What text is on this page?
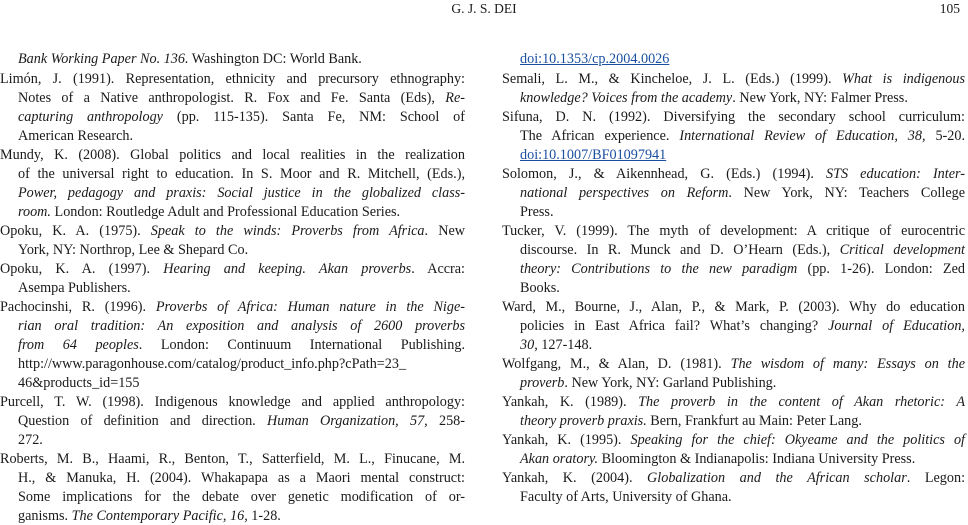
G. J. S. DEI	105
Bank Working Paper No. 136. Washington DC: World Bank.
Limón, J. (1991). Representation, ethnicity and precursory ethnography:
Notes of a Native anthropologist. R. Fox and Fe. Santa (Eds), Re-
capturing anthropology (pp. 115-135). Santa Fe, NM: School of
American Research.
Mundy, K. (2008). Global politics and local realities in the realization
of the universal right to education. In S. Moor and R. Mitchell, (Eds.),
Power, pedagogy and praxis: Social justice in the globalized class-
room. London: Routledge Adult and Professional Education Series.
Opoku, K. A. (1975). Speak to the winds: Proverbs from Africa. New
York, NY: Northrop, Lee & Shepard Co.
Opoku, K. A. (1997). Hearing and keeping. Akan proverbs. Accra:
Asempa Publishers.
Pachocinshi, R. (1996). Proverbs of Africa: Human nature in the Nige-
rian oral tradition: An exposition and analysis of 2600 proverbs
from 64 peoples. London: Continuum International Publishing.
http://www.paragonhouse.com/catalog/product_info.php?cPath=23_
46&products_id=155
Purcell, T. W. (1998). Indigenous knowledge and applied anthropology:
Question of definition and direction. Human Organization, 57, 258-
272.
Roberts, M. B., Haami, R., Benton, T., Satterfield, M. L., Finucane, M.
H., & Manuka, H. (2004). Whakapapa as a Maori mental construct:
Some implications for the debate over genetic modification of or-
ganisms. The Contemporary Pacific, 16, 1-28.
doi:10.1353/cp.2004.0026
Semali, L. M., & Kincheloe, J. L. (Eds.) (1999). What is indigenous
knowledge? Voices from the academy. New York, NY: Falmer Press.
Sifuna, D. N. (1992). Diversifying the secondary school curriculum:
The African experience. International Review of Education, 38, 5-20.
doi:10.1007/BF01097941
Solomon, J., & Aikennhead, G. (Eds.) (1994). STS education: Inter-
national perspectives on Reform. New York, NY: Teachers College
Press.
Tucker, V. (1999). The myth of development: A critique of eurocentric
discourse. In R. Munck and D. O’Hearn (Eds.), Critical development
theory: Contributions to the new paradigm (pp. 1-26). London: Zed
Books.
Ward, M., Bourne, J., Alan, P., & Mark, P. (2003). Why do education
policies in East Africa fail? What’s changing? Journal of Education,
30, 127-148.
Wolfgang, M., & Alan, D. (1981). The wisdom of many: Essays on the
proverb. New York, NY: Garland Publishing.
Yankah, K. (1989). The proverb in the content of Akan rhetoric: A
theory proverb praxis. Bern, Frankfurt au Main: Peter Lang.
Yankah, K. (1995). Speaking for the chief: Okyeame and the politics of
Akan oratory. Bloomington & Indianapolis: Indiana University Press.
Yankah, K. (2004). Globalization and the African scholar. Legon:
Faculty of Arts, University of Ghana.
